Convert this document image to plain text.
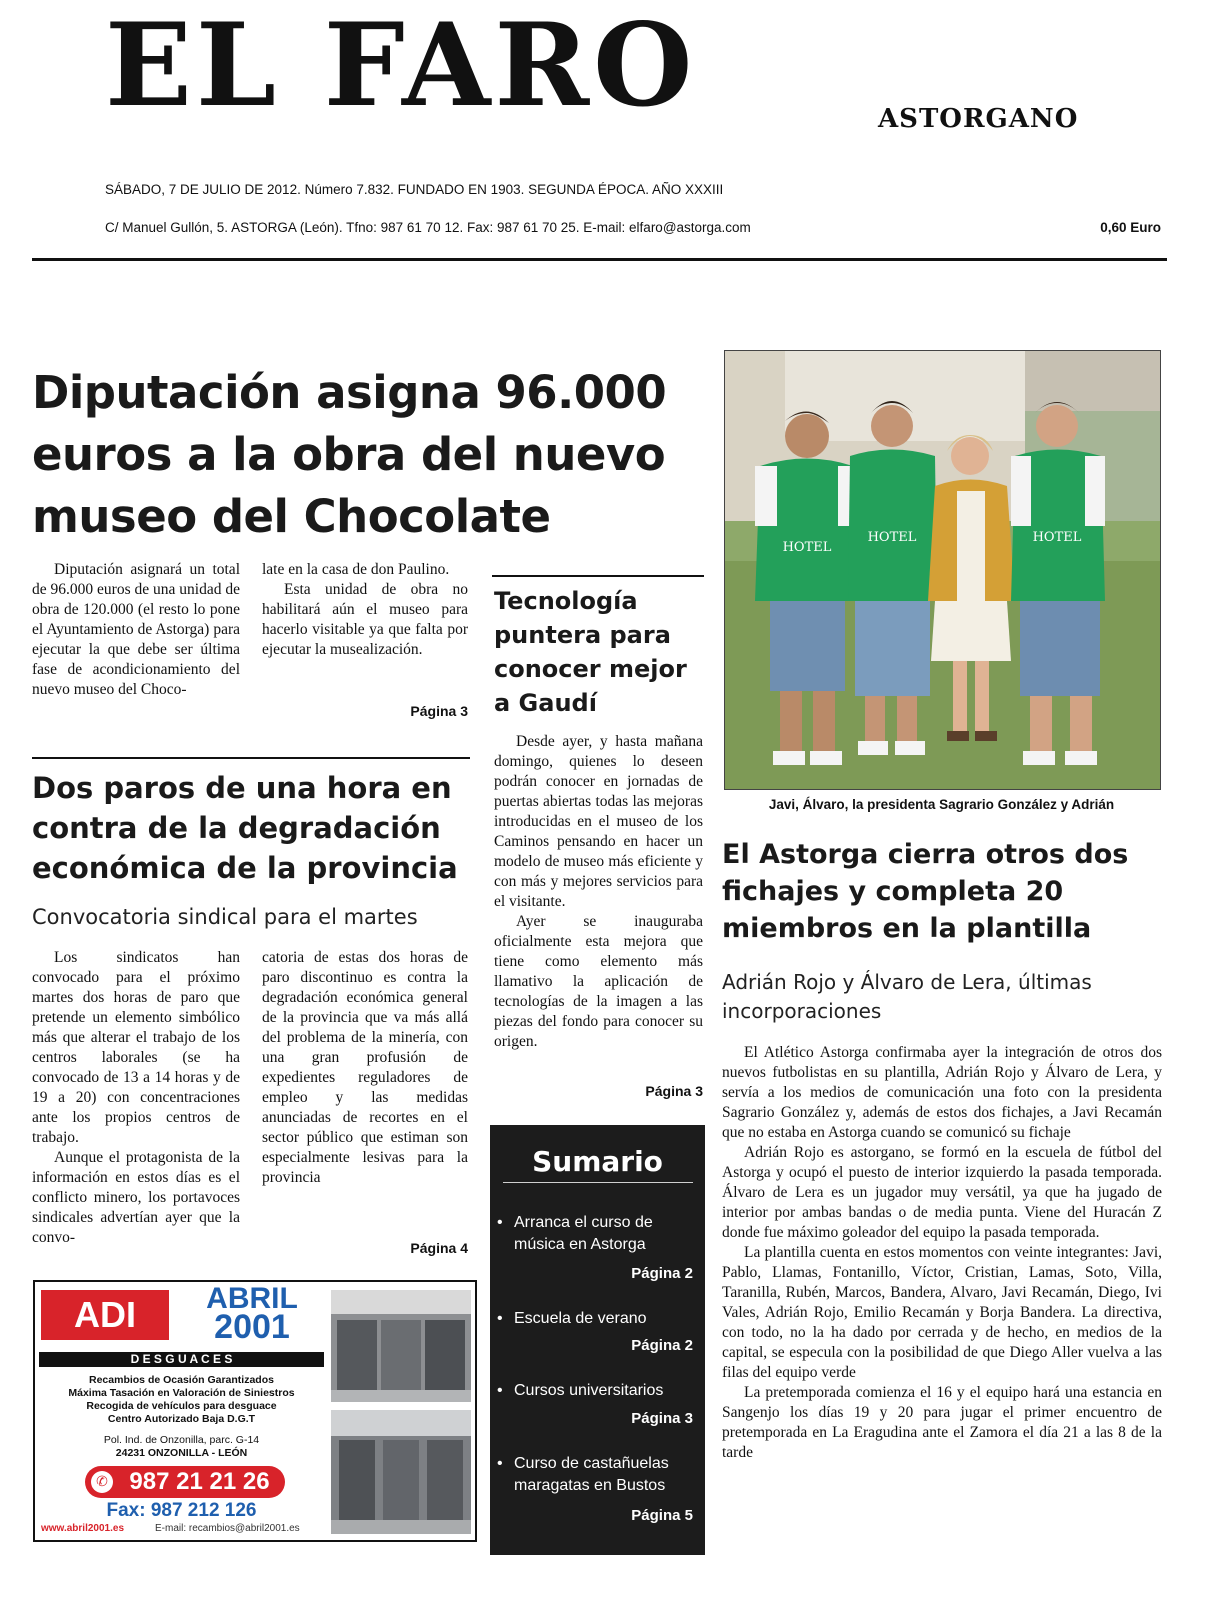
EL FARO	ASTORGANO
SÁBADO, 7 DE JULIO DE 2012. Número 7.832. FUNDADO EN 1903. SEGUNDA ÉPOCA. AÑO XXXIII
C/ Manuel Gullón, 5. ASTORGA (León). Tfno: 987 61 70 12. Fax: 987 61 70 25. E-mail: elfaro@astorga.com	0,60 Euro
Diputación asigna 96.000 euros a la obra del nuevo museo del Chocolate

Diputación asignará un total de 96.000 euros de una unidad de obra de 120.000 (el resto lo pone el Ayuntamiento de Astorga) para ejecutar la que debe ser última fase de acondicionamiento del nuevo museo del Choco-

late en la casa de don Paulino.

Esta unidad de obra no habilitará aún el museo para hacerlo visitable ya que falta por ejecutar la musealización.

Página 3
Dos paros de una hora en contra de la degradación económica de la provincia
Convocatoria sindical para el martes

Los sindicatos han convocado para el próximo martes dos horas de paro que pretende un elemento simbólico más que alterar el trabajo de los centros laborales (se ha convocado de 13 a 14 horas y de 19 a 20) con concentraciones ante los propios centros de trabajo.

Aunque el protagonista de la información en estos días es el conflicto minero, los portavoces sindicales advertían ayer que la convo-

catoria de estas dos horas de paro discontinuo es contra la degradación económica general de la provincia que va más allá del problema de la minería, con una gran profusión de expedientes reguladores de empleo y las medidas anunciadas de recortes en el sector público que estiman son especialmente lesivas para la provincia

Página 4
Tecnología puntera para conocer mejor a Gaudí

Desde ayer, y hasta mañana domingo, quienes lo deseen podrán conocer en jornadas de puertas abiertas todas las mejoras introducidas en el museo de los Caminos pensando en hacer un modelo de museo más eficiente y con más y mejores servicios para el visitante.

Ayer se inauguraba oficialmente esta mejora que tiene como elemento más llamativo la aplicación de tecnologías de la imagen a las piezas del fondo para conocer su origen.

Página 3
Sumario
• Arranca el curso de música en Astorga
Página 2
• Escuela de verano
Página 2
• Cursos universitarios
Página 3
• Curso de castañuelas maragatas en Bustos
Página 5
HOTEL
HOTEL	HOTEL
Javi, Álvaro, la presidenta Sagrario González y Adrián
El Astorga cierra otros dos fichajes y completa 20 miembros en la plantilla
Adrián Rojo y Álvaro de Lera, últimas incorporaciones

El Atlético Astorga confirmaba ayer la integración de otros dos nuevos futbolistas en su plantilla, Adrián Rojo y Álvaro de Lera, y servía a los medios de comunicación una foto con la presidenta Sagrario González y, además de estos dos fichajes, a Javi Recamán que no estaba en Astorga cuando se comunicó su fichaje

Adrián Rojo es astorgano, se formó en la escuela de fútbol del Astorga y ocupó el puesto de interior izquierdo la pasada temporada. Álvaro de Lera es un jugador muy versátil, ya que ha jugado de interior por ambas bandas o de media punta. Viene del Huracán Z donde fue máximo goleador del equipo la pasada temporada.

La plantilla cuenta en estos momentos con veinte integrantes: Javi, Pablo, Llamas, Fontanillo, Víctor, Cristian, Lamas, Soto, Villa, Taranilla, Rubén, Marcos, Bandera, Alvaro, Javi Recamán, Diego, Ivi Vales, Adrián Rojo, Emilio Recamán y Borja Bandera. La directiva, con todo, no la ha dado por cerrada y de hecho, en medios de la capital, se especula con la posibilidad de que Diego Aller vuelva a las filas del equipo verde

La pretemporada comienza el 16 y el equipo hará una estancia en Sangenjo los días 19 y 20 para jugar el primer encuentro de pretemporada en La Eragudina ante el Zamora el día 21 a las 8 de la tarde

ADI	ABRIL
2001
D E S G U A C E S
Recambios de Ocasión Garantizados
Máxima Tasación en Valoración de Siniestros
Recogida de vehículos para desguace
Centro Autorizado Baja D.G.T
Pol. Ind. de Onzonilla, parc. G-14
24231 ONZONILLA - LEÓN
✆ 987 21 21 26
Fax: 987 212 126
www.abril2001.es	E-mail: recambios@abril2001.es
